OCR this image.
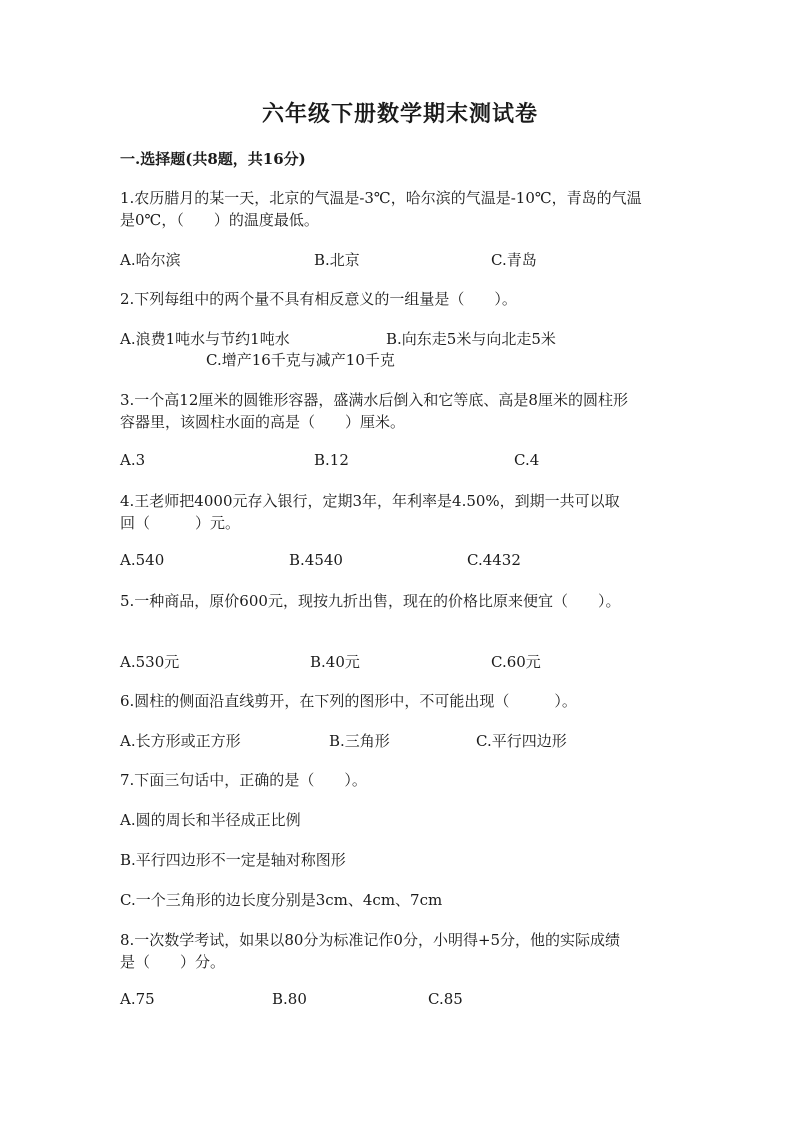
六年级下册数学期末测试卷
一.选择题(共8题，共16分)
1.农历腊月的某一天，北京的气温是-3℃，哈尔滨的气温是-10℃，青岛的气温
是0℃，（　　）的温度最低。
A.哈尔滨	B.北京	C.青岛
2.下列每组中的两个量不具有相反意义的一组量是（　　）。
A.浪费1吨水与节约1吨水	B.向东走5米与向北走5米
C.增产16千克与减产10千克
3.一个高12厘米的圆锥形容器，盛满水后倒入和它等底、高是8厘米的圆柱形
容器里，该圆柱水面的高是（　　）厘米。
A.3	B.12	C.4
4.王老师把4000元存入银行，定期3年，年利率是4.50%，到期一共可以取
回（　　　）元。
A.540	B.4540	C.4432
5.一种商品，原价600元，现按九折出售，现在的价格比原来便宜（　　）。
A.530元	B.40元	C.60元
6.圆柱的侧面沿直线剪开，在下列的图形中，不可能出现（　　　）。
A.长方形或正方形	B.三角形	C.平行四边形
7.下面三句话中，正确的是（　　）。
A.圆的周长和半径成正比例
B.平行四边形不一定是轴对称图形
C.一个三角形的边长度分别是3cm、4cm、7cm
8.一次数学考试，如果以80分为标准记作0分，小明得+5分，他的实际成绩
是（　　）分。
A.75	B.80	C.85
